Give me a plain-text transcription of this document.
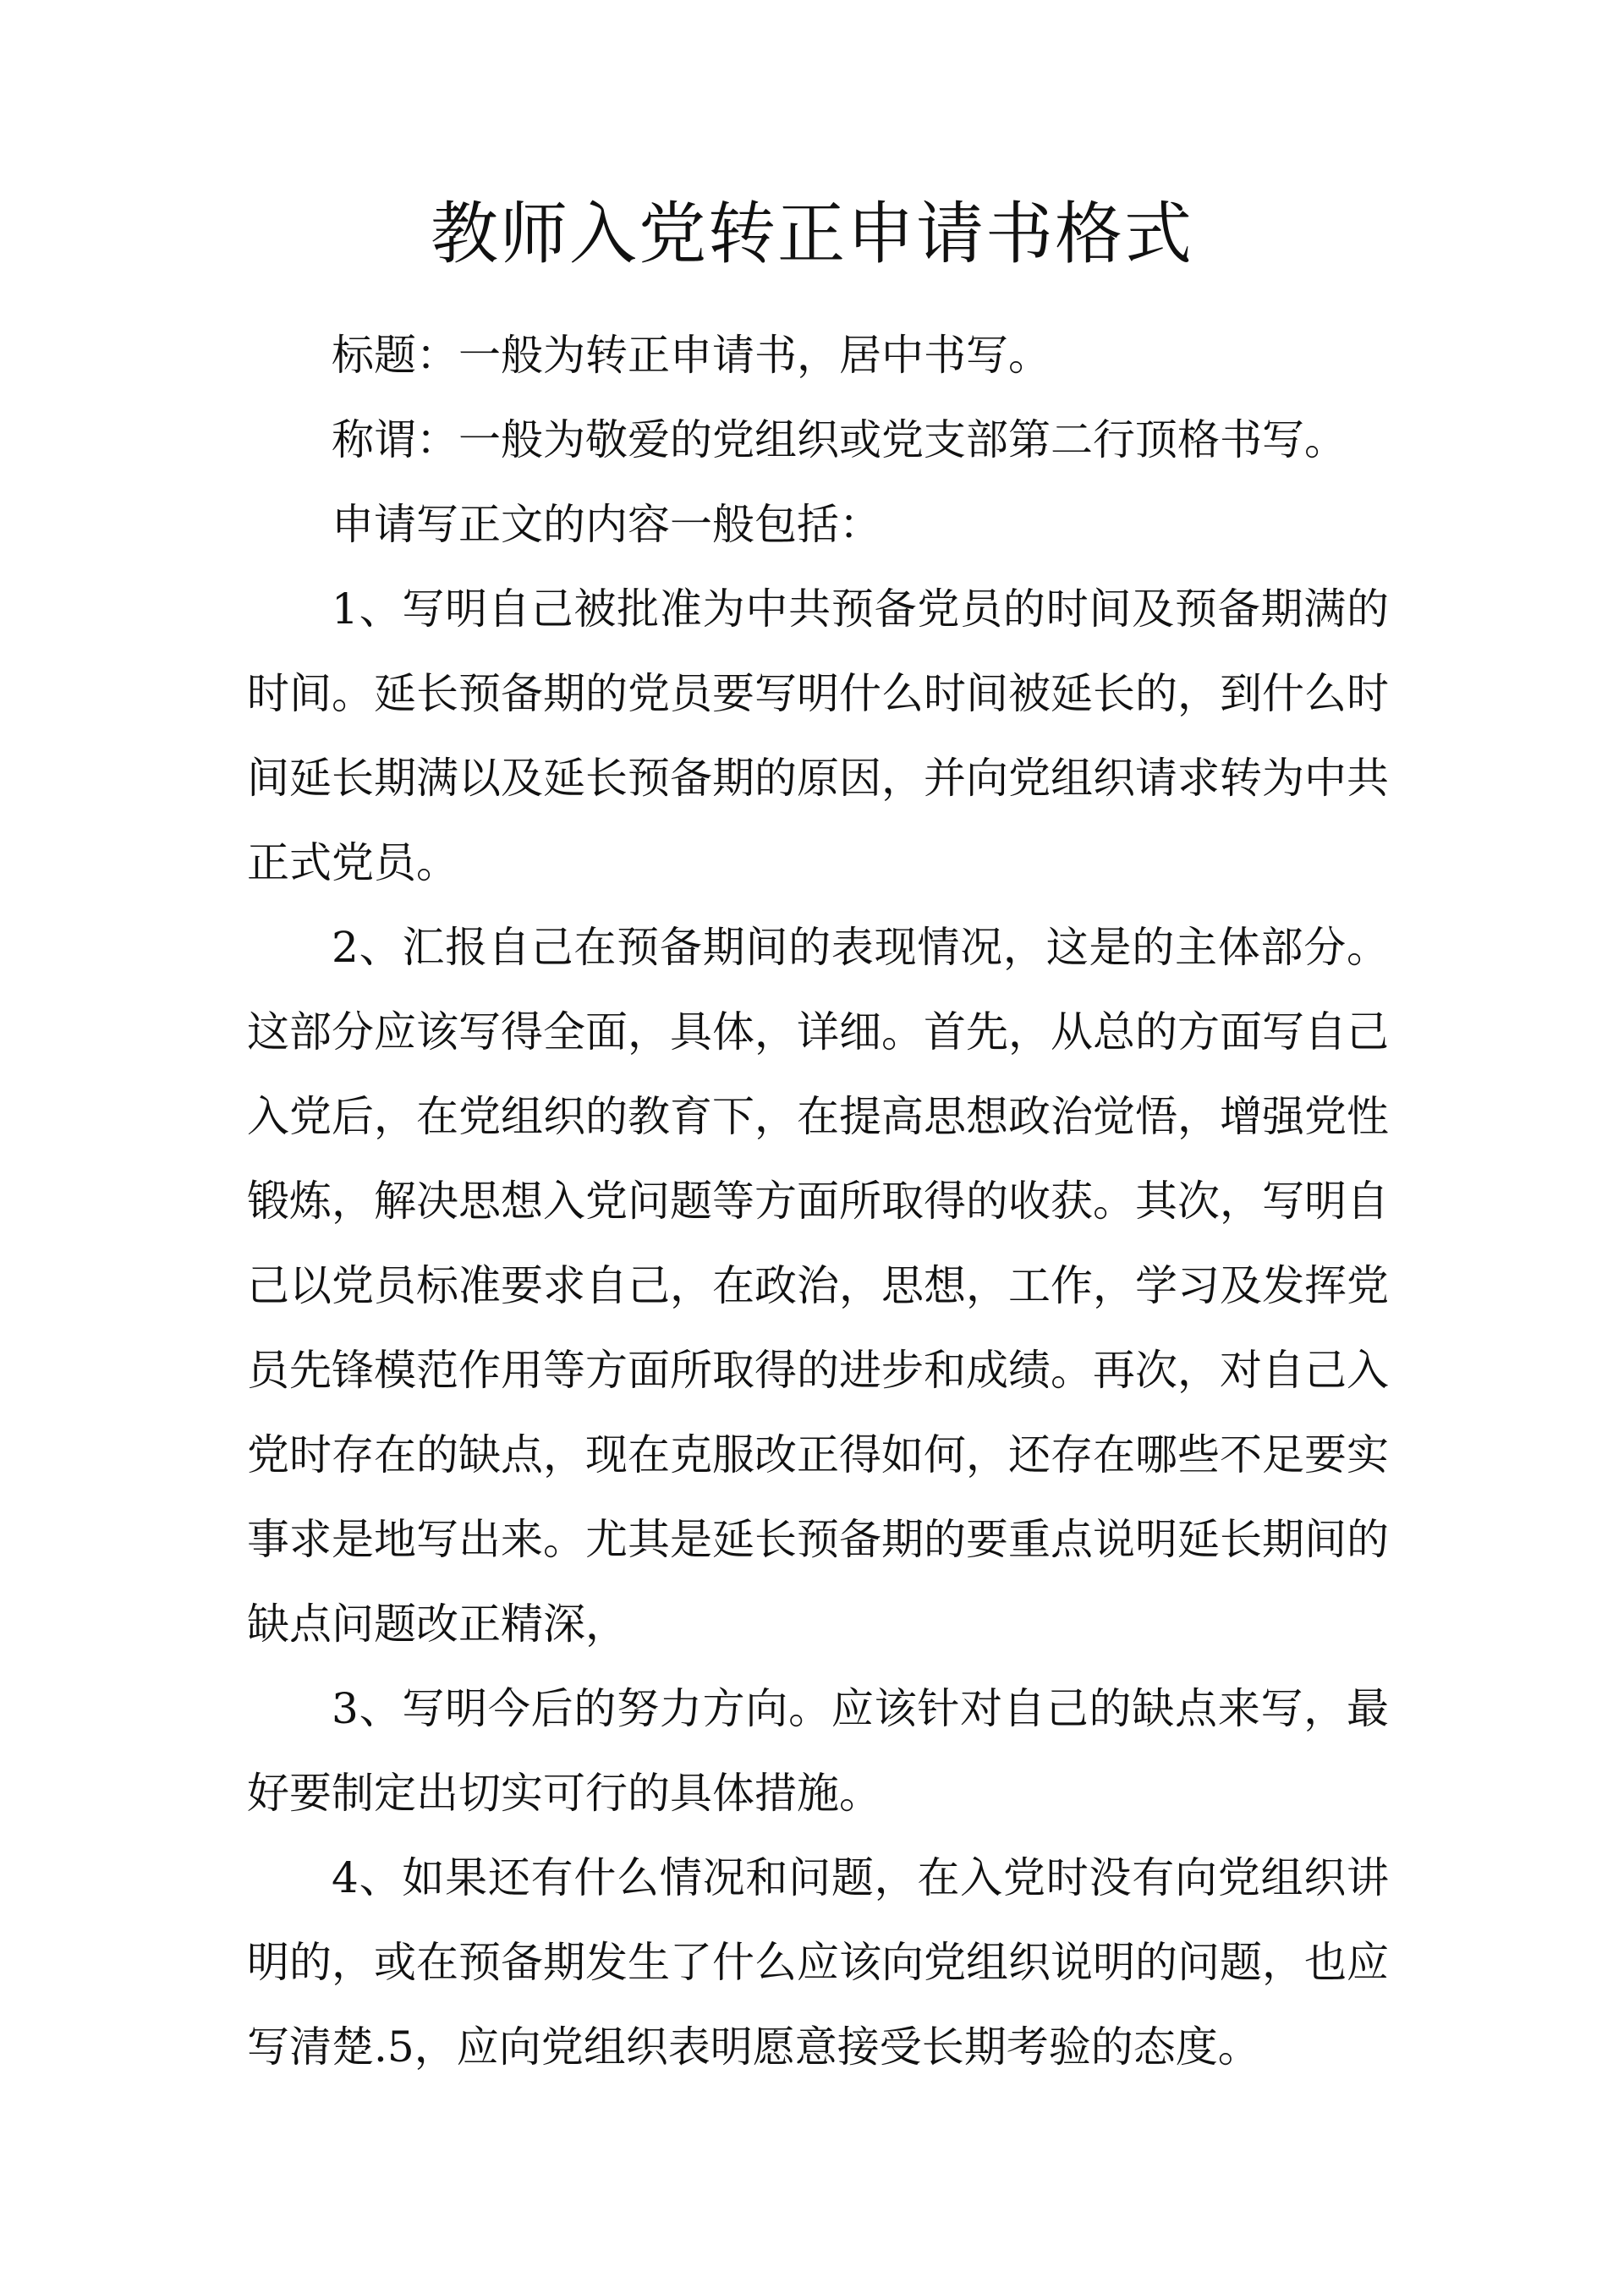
教师入党转正申请书格式

标题：一般为转正申请书，居中书写。

称谓：一般为敬爱的党组织或党支部第二行顶格书写。

申请写正文的内容一般包括：

1、写明自己被批准为中共预备党员的时间及预备期满的时间。延长预备期的党员要写明什么时间被延长的，到什么时间延长期满以及延长预备期的原因，并向党组织请求转为中共正式党员。

2、汇报自己在预备期间的表现情况，这是的主体部分。这部分应该写得全面，具体，详细。首先，从总的方面写自己入党后，在党组织的教育下，在提高思想政治觉悟，增强党性锻炼，解决思想入党问题等方面所取得的收获。其次，写明自己以党员标准要求自己，在政治，思想，工作，学习及发挥党员先锋模范作用等方面所取得的进步和成绩。再次，对自己入党时存在的缺点，现在克服改正得如何，还存在哪些不足要实事求是地写出来。尤其是延长预备期的要重点说明延长期间的缺点问题改正精深，

3、写明今后的努力方向。应该针对自己的缺点来写，最好要制定出切实可行的具体措施。

4、如果还有什么情况和问题，在入党时没有向党组织讲明的，或在预备期发生了什么应该向党组织说明的问题，也应写清楚.5，应向党组织表明愿意接受长期考验的态度。
